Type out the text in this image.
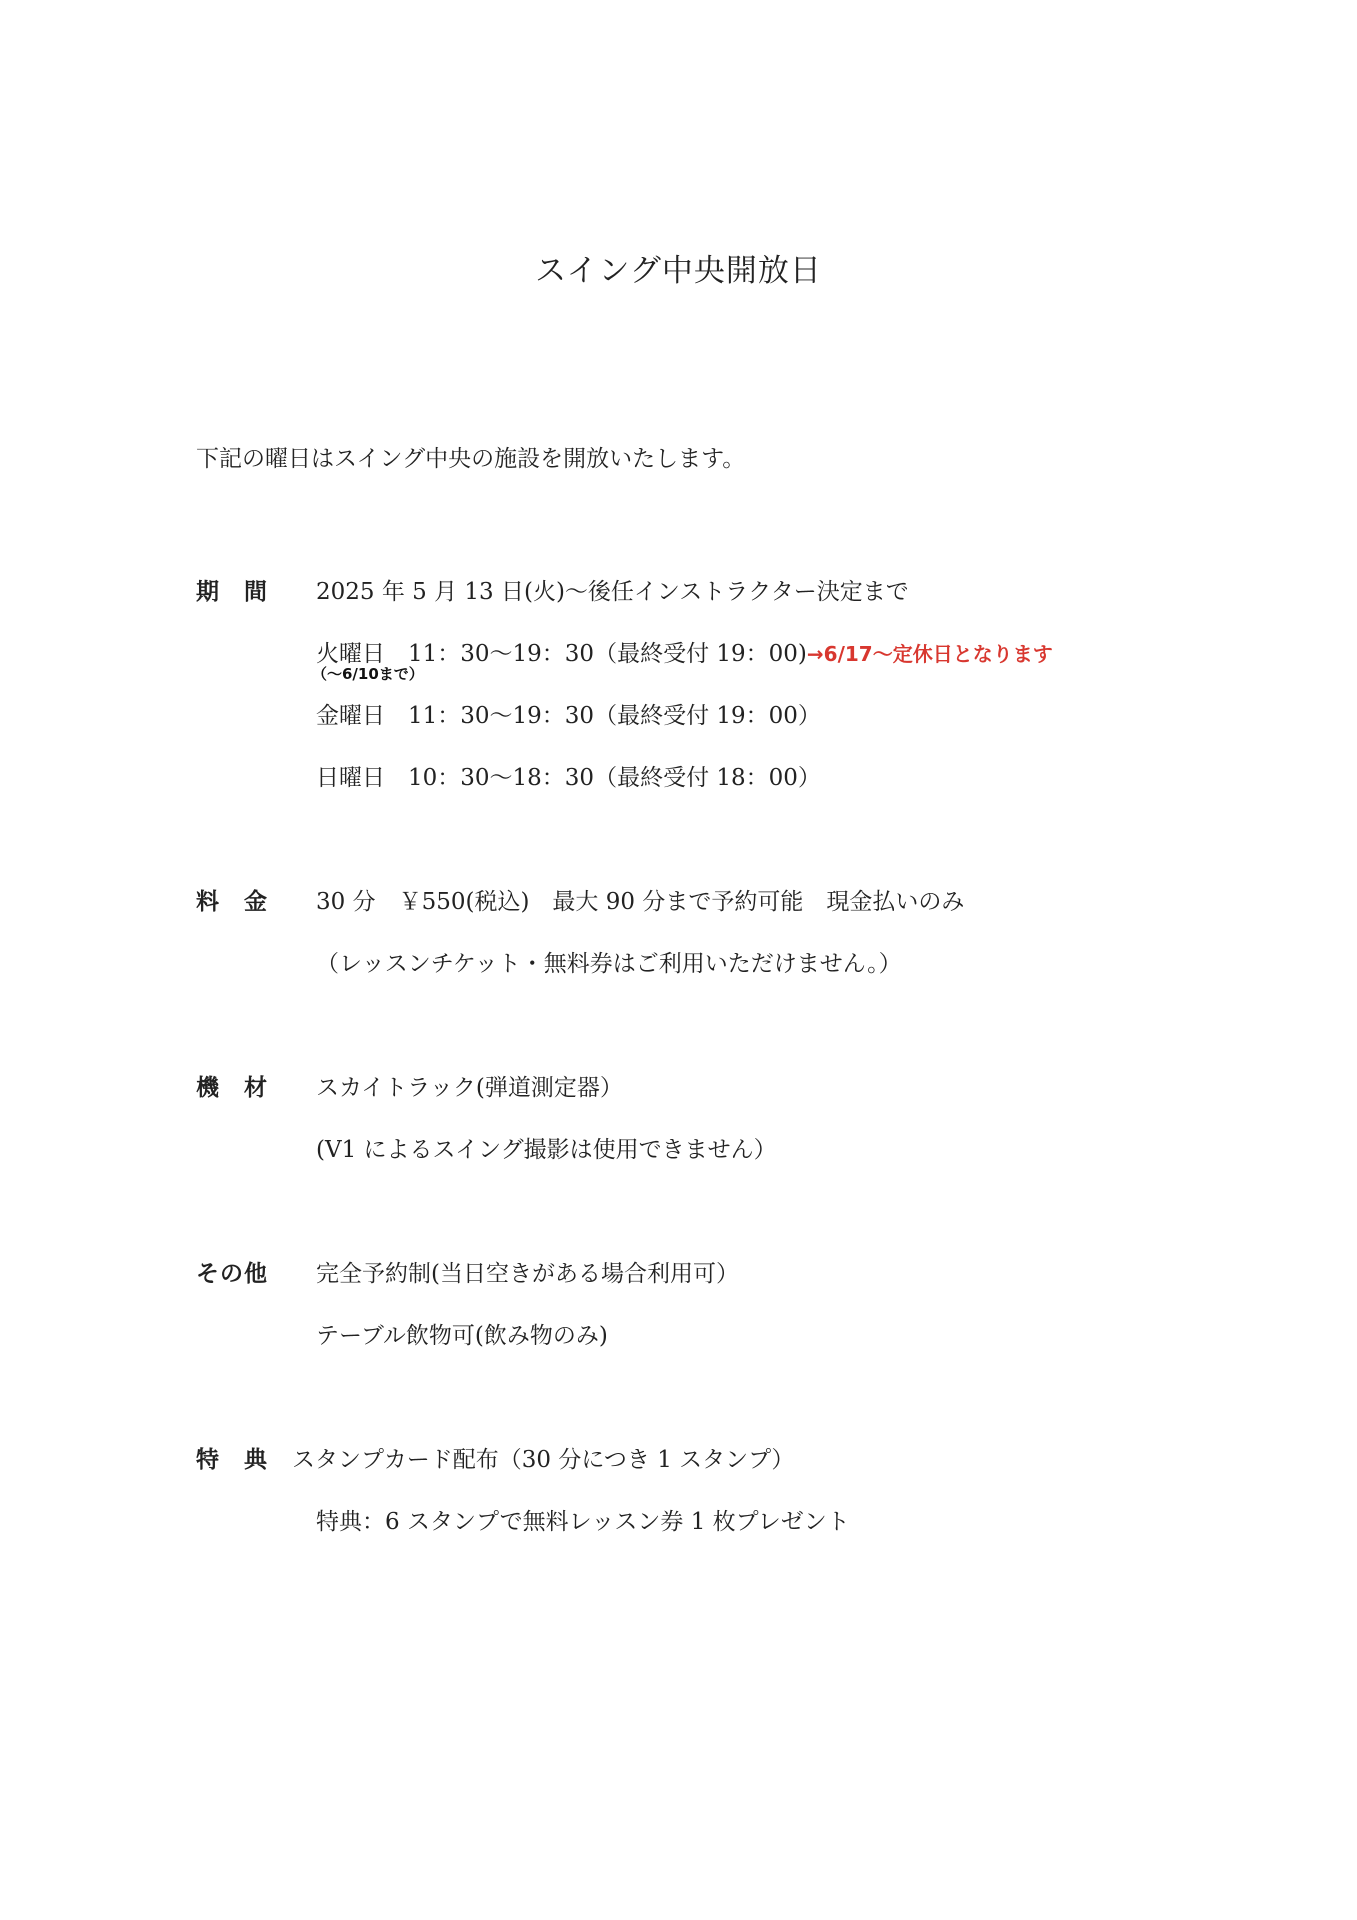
スイング中央開放日
下記の曜日はスイング中央の施設を開放いたします。
期　間 2025 年 5 月 13 日(火)〜後任インストラクター決定まで
火曜日　11：30〜19：30（最終受付 19：00)→6/17〜定休日となります
（〜6/10まで）
金曜日　11：30〜19：30（最終受付 19：00）
日曜日　10：30〜18：30（最終受付 18：00）
料　金 30 分　￥550(税込)　最大 90 分まで予約可能　現金払いのみ
（レッスンチケット・無料券はご利用いただけません。）
機　材 スカイトラック(弾道測定器）
(V1 によるスイング撮影は使用できません）
その他 完全予約制(当日空きがある場合利用可）
テーブル飲物可(飲み物のみ)
特　典 スタンプカード配布（30 分につき 1 スタンプ）
特典：6 スタンプで無料レッスン券 1 枚プレゼント
